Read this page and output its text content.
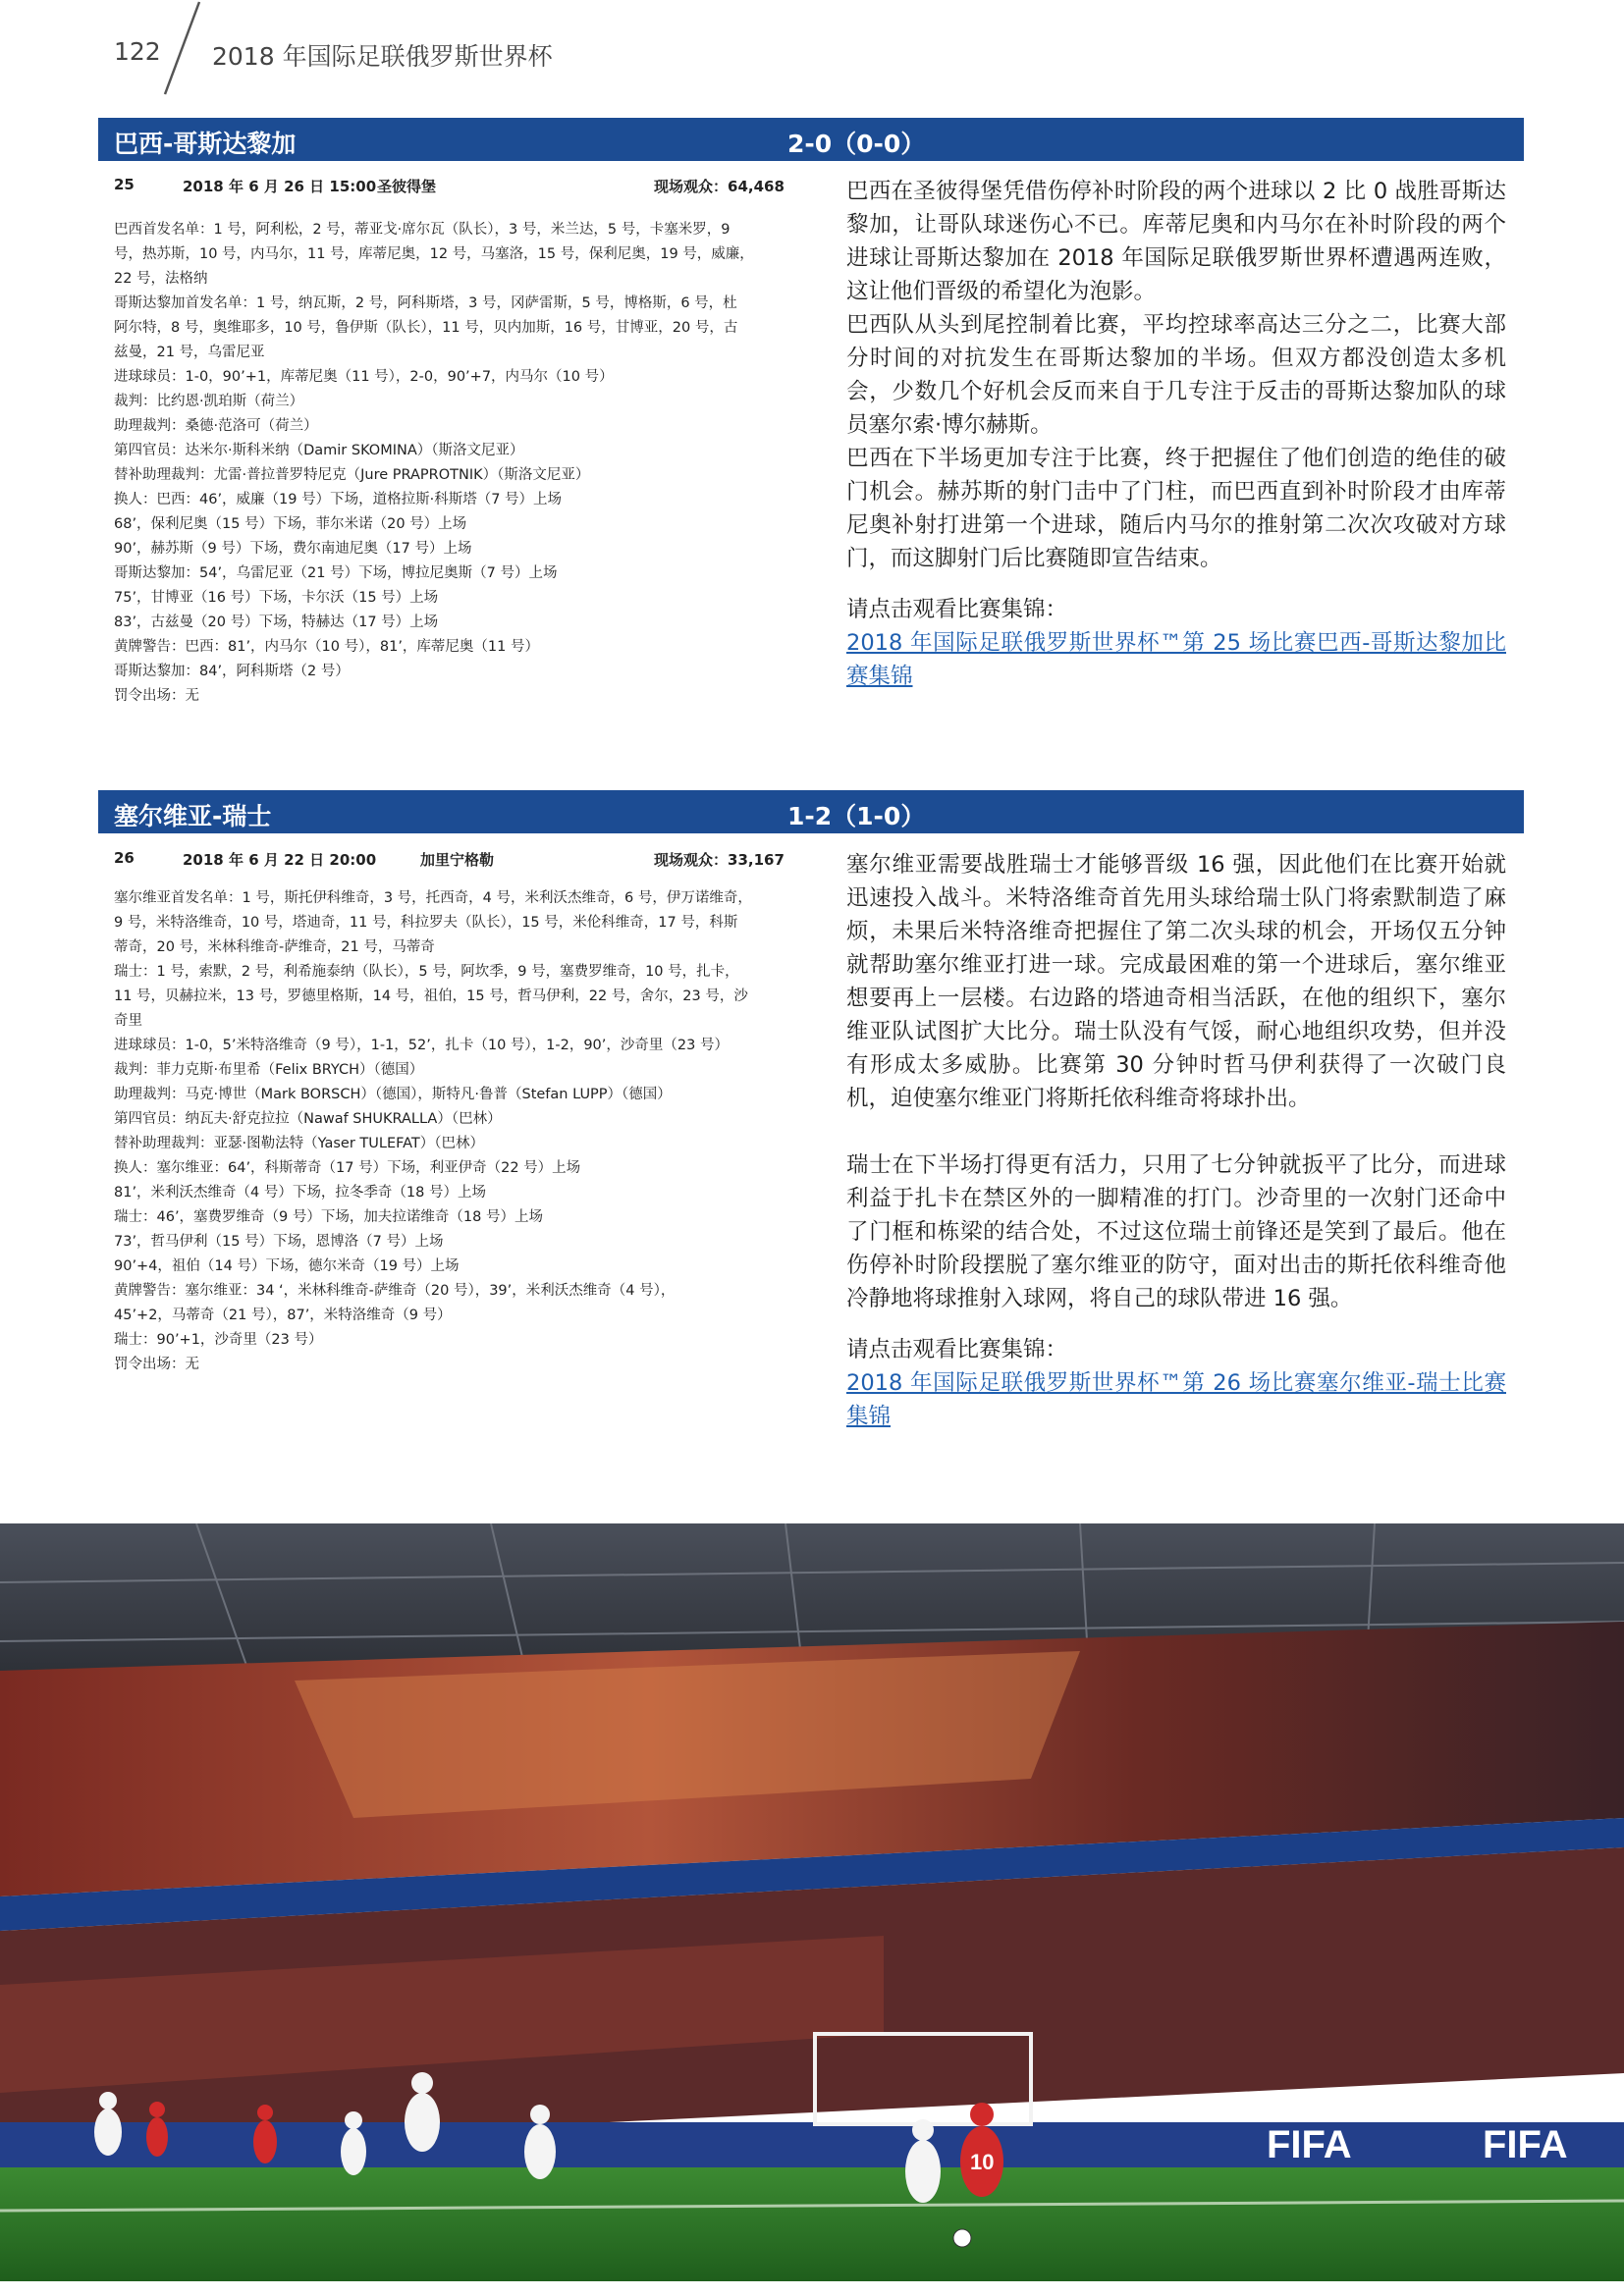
122 2018 年国际足联俄罗斯世界杯
巴西-哥斯达黎加	2-0（0-0）
25	2018 年 6 月 26 日 15:00 圣彼得堡	现场观众：64,468

巴西首发名单：1 号，阿利松，2 号，蒂亚戈·席尔瓦（队长），3 号，米兰达，5 号，卡塞米罗，9

号，热苏斯，10 号，内马尔，11 号，库蒂尼奥，12 号，马塞洛，15 号，保利尼奥，19 号，威廉，

22 号，法格纳

哥斯达黎加首发名单：1 号，纳瓦斯，2 号，阿科斯塔，3 号，冈萨雷斯，5 号，博格斯，6 号，杜

阿尔特，8 号，奥维耶多，10 号，鲁伊斯（队长），11 号，贝内加斯，16 号，甘博亚，20 号，古

兹曼，21 号，乌雷尼亚

进球球员：1-0，90’+1，库蒂尼奥（11 号），2-0，90’+7，内马尔（10 号）

裁判：比约恩·凯珀斯（荷兰）

助理裁判：桑德·范洛可（荷兰）

第四官员：达米尔·斯科米纳（Damir SKOMINA）（斯洛文尼亚）

替补助理裁判：尤雷·普拉普罗特尼克（Jure PRAPROTNIK）（斯洛文尼亚）

换人：巴西：46’，威廉（19 号）下场，道格拉斯·科斯塔（7 号）上场

68’，保利尼奥（15 号）下场，菲尔米诺（20 号）上场

90’，赫苏斯（9 号）下场，费尔南迪尼奥（17 号）上场

哥斯达黎加：54’，乌雷尼亚（21 号）下场，博拉尼奥斯（7 号）上场

75’，甘博亚（16 号）下场，卡尔沃（15 号）上场

83’，古兹曼（20 号）下场，特赫达（17 号）上场

黄牌警告：巴西：81’，内马尔（10 号），81’，库蒂尼奥（11 号）

哥斯达黎加：84’，阿科斯塔（2 号）

罚令出场：无

巴西在圣彼得堡凭借伤停补时阶段的两个进球以 2 比 0 战胜哥斯达黎加，让哥队球迷伤心不已。库蒂尼奥和内马尔在补时阶段的两个进球让哥斯达黎加在 2018 年国际足联俄罗斯世界杯遭遇两连败，这让他们晋级的希望化为泡影。

巴西队从头到尾控制着比赛，平均控球率高达三分之二，比赛大部分时间的对抗发生在哥斯达黎加的半场。但双方都没创造太多机会，少数几个好机会反而来自于几专注于反击的哥斯达黎加队的球员塞尔索·博尔赫斯。

巴西在下半场更加专注于比赛，终于把握住了他们创造的绝佳的破门机会。赫苏斯的射门击中了门柱，而巴西直到补时阶段才由库蒂尼奥补射打进第一个进球，随后内马尔的推射第二次次攻破对方球门，而这脚射门后比赛随即宣告结束。

请点击观看比赛集锦：

2018 年国际足联俄罗斯世界杯™第 25 场比赛巴西-哥斯达黎加比赛集锦
塞尔维亚-瑞士	1-2（1-0）
26	2018 年 6 月 22 日 20:00	加里宁格勒	现场观众：33,167

塞尔维亚首发名单：1 号，斯托伊科维奇，3 号，托西奇，4 号，米利沃杰维奇，6 号，伊万诺维奇，

9 号，米特洛维奇，10 号，塔迪奇，11 号，科拉罗夫（队长），15 号，米伦科维奇，17 号，科斯

蒂奇，20 号，米林科维奇-萨维奇，21 号，马蒂奇

瑞士：1 号，索默，2 号，利希施泰纳（队长），5 号，阿坎季，9 号，塞费罗维奇，10 号，扎卡，

11 号，贝赫拉米，13 号，罗德里格斯，14 号，祖伯，15 号，哲马伊利，22 号，舍尔，23 号，沙

奇里

进球球员：1-0，5’米特洛维奇（9 号），1-1，52’，扎卡（10 号），1-2，90’，沙奇里（23 号）

裁判：菲力克斯·布里希（Felix BRYCH）（德国）

助理裁判：马克·博世（Mark BORSCH）（德国），斯特凡·鲁普（Stefan LUPP）（德国）

第四官员：纳瓦夫·舒克拉拉（Nawaf SHUKRALLA）（巴林）

替补助理裁判：亚瑟·图勒法特（Yaser TULEFAT）（巴林）

换人：塞尔维亚：64’，科斯蒂奇（17 号）下场，利亚伊奇（22 号）上场

81’，米利沃杰维奇（4 号）下场，拉冬季奇（18 号）上场

瑞士：46’，塞费罗维奇（9 号）下场，加夫拉诺维奇（18 号）上场

73’，哲马伊利（15 号）下场，恩博洛（7 号）上场

90’+4，祖伯（14 号）下场，德尔米奇（19 号）上场

黄牌警告：塞尔维亚：34 ‘，米林科维奇-萨维奇（20 号），39’，米利沃杰维奇（4 号），

45’+2，马蒂奇（21 号），87’，米特洛维奇（9 号）

瑞士：90’+1，沙奇里（23 号）

罚令出场：无

塞尔维亚需要战胜瑞士才能够晋级 16 强，因此他们在比赛开始就迅速投入战斗。米特洛维奇首先用头球给瑞士队门将索默制造了麻烦，未果后米特洛维奇把握住了第二次头球的机会，开场仅五分钟就帮助塞尔维亚打进一球。完成最困难的第一个进球后，塞尔维亚想要再上一层楼。右边路的塔迪奇相当活跃，在他的组织下，塞尔维亚队试图扩大比分。瑞士队没有气馁，耐心地组织攻势，但并没有形成太多威胁。比赛第 30 分钟时哲马伊利获得了一次破门良机，迫使塞尔维亚门将斯托依科维奇将球扑出。

瑞士在下半场打得更有活力，只用了七分钟就扳平了比分，而进球利益于扎卡在禁区外的一脚精准的打门。沙奇里的一次射门还命中了门框和栋梁的结合处，不过这位瑞士前锋还是笑到了最后。他在伤停补时阶段摆脱了塞尔维亚的防守，面对出击的斯托依科维奇他冷静地将球推射入球网，将自己的球队带进 16 强。

请点击观看比赛集锦：

2018 年国际足联俄罗斯世界杯™第 26 场比赛塞尔维亚-瑞士比赛集锦
FIFA	FIFA
10
